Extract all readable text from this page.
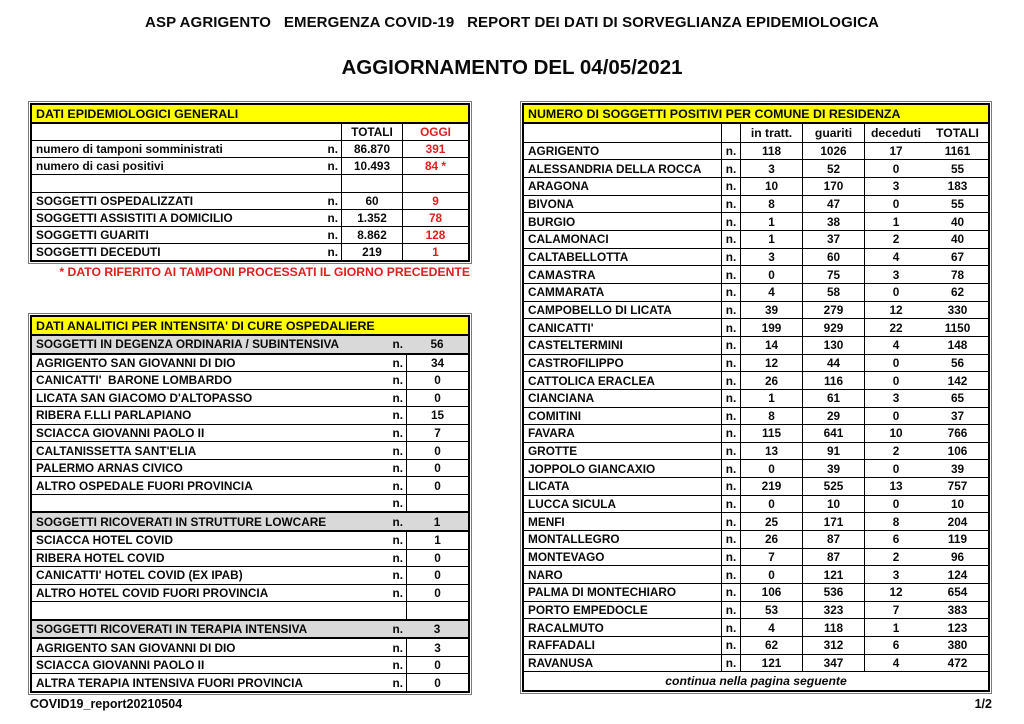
ASP AGRIGENTO   EMERGENZA COVID-19   REPORT DEI DATI DI SORVEGLIANZA EPIDEMIOLOGICA
AGGIORNAMENTO DEL 04/05/2021
DATI EPIDEMIOLOGICI GENERALI
TOTALI	OGGI
numero di tamponi somministrati	n.	86.870	391
numero di casi positivi	n.	10.493	84 *
SOGGETTI OSPEDALIZZATI	n.	60	9
SOGGETTI ASSISTITI A DOMICILIO	n.	1.352	78
SOGGETTI GUARITI	n.	8.862	128
SOGGETTI DECEDUTI	n.	219	1
* DATO RIFERITO AI TAMPONI PROCESSATI IL GIORNO PRECEDENTE
DATI ANALITICI PER INTENSITA' DI CURE OSPEDALIERE
SOGGETTI IN DEGENZA ORDINARIA / SUBINTENSIVA	n.	56
AGRIGENTO SAN GIOVANNI DI DIO	n.	34
CANICATTI'  BARONE LOMBARDO	n.	0
LICATA SAN GIACOMO D'ALTOPASSO	n.	0
RIBERA F.LLI PARLAPIANO	n.	15
SCIACCA GIOVANNI PAOLO II	n.	7
CALTANISSETTA SANT'ELIA	n.	0
PALERMO ARNAS CIVICO	n.	0
ALTRO OSPEDALE FUORI PROVINCIA	n.	0
n.
SOGGETTI RICOVERATI IN STRUTTURE LOWCARE	n.	1
SCIACCA HOTEL COVID	n.	1
RIBERA HOTEL COVID	n.	0
CANICATTI' HOTEL COVID (EX IPAB)	n.	0
ALTRO HOTEL COVID FUORI PROVINCIA	n.	0
SOGGETTI RICOVERATI IN TERAPIA INTENSIVA	n.	3
AGRIGENTO SAN GIOVANNI DI DIO	n.	3
SCIACCA GIOVANNI PAOLO II	n.	0
ALTRA TERAPIA INTENSIVA FUORI PROVINCIA	n.	0
NUMERO DI SOGGETTI POSITIVI PER COMUNE DI RESIDENZA
in tratt.	guariti	deceduti	TOTALI
AGRIGENTO	n.	118	1026	17	1161
ALESSANDRIA DELLA ROCCA	n.	3	52	0	55
ARAGONA	n.	10	170	3	183
BIVONA	n.	8	47	0	55
BURGIO	n.	1	38	1	40
CALAMONACI	n.	1	37	2	40
CALTABELLOTTA	n.	3	60	4	67
CAMASTRA	n.	0	75	3	78
CAMMARATA	n.	4	58	0	62
CAMPOBELLO DI LICATA	n.	39	279	12	330
CANICATTI'	n.	199	929	22	1150
CASTELTERMINI	n.	14	130	4	148
CASTROFILIPPO	n.	12	44	0	56
CATTOLICA ERACLEA	n.	26	116	0	142
CIANCIANA	n.	1	61	3	65
COMITINI	n.	8	29	0	37
FAVARA	n.	115	641	10	766
GROTTE	n.	13	91	2	106
JOPPOLO GIANCAXIO	n.	0	39	0	39
LICATA	n.	219	525	13	757
LUCCA SICULA	n.	0	10	0	10
MENFI	n.	25	171	8	204
MONTALLEGRO	n.	26	87	6	119
MONTEVAGO	n.	7	87	2	96
NARO	n.	0	121	3	124
PALMA DI MONTECHIARO	n.	106	536	12	654
PORTO EMPEDOCLE	n.	53	323	7	383
RACALMUTO	n.	4	118	1	123
RAFFADALI	n.	62	312	6	380
RAVANUSA	n.	121	347	4	472
continua nella pagina seguente
COVID19_report20210504	1/2
